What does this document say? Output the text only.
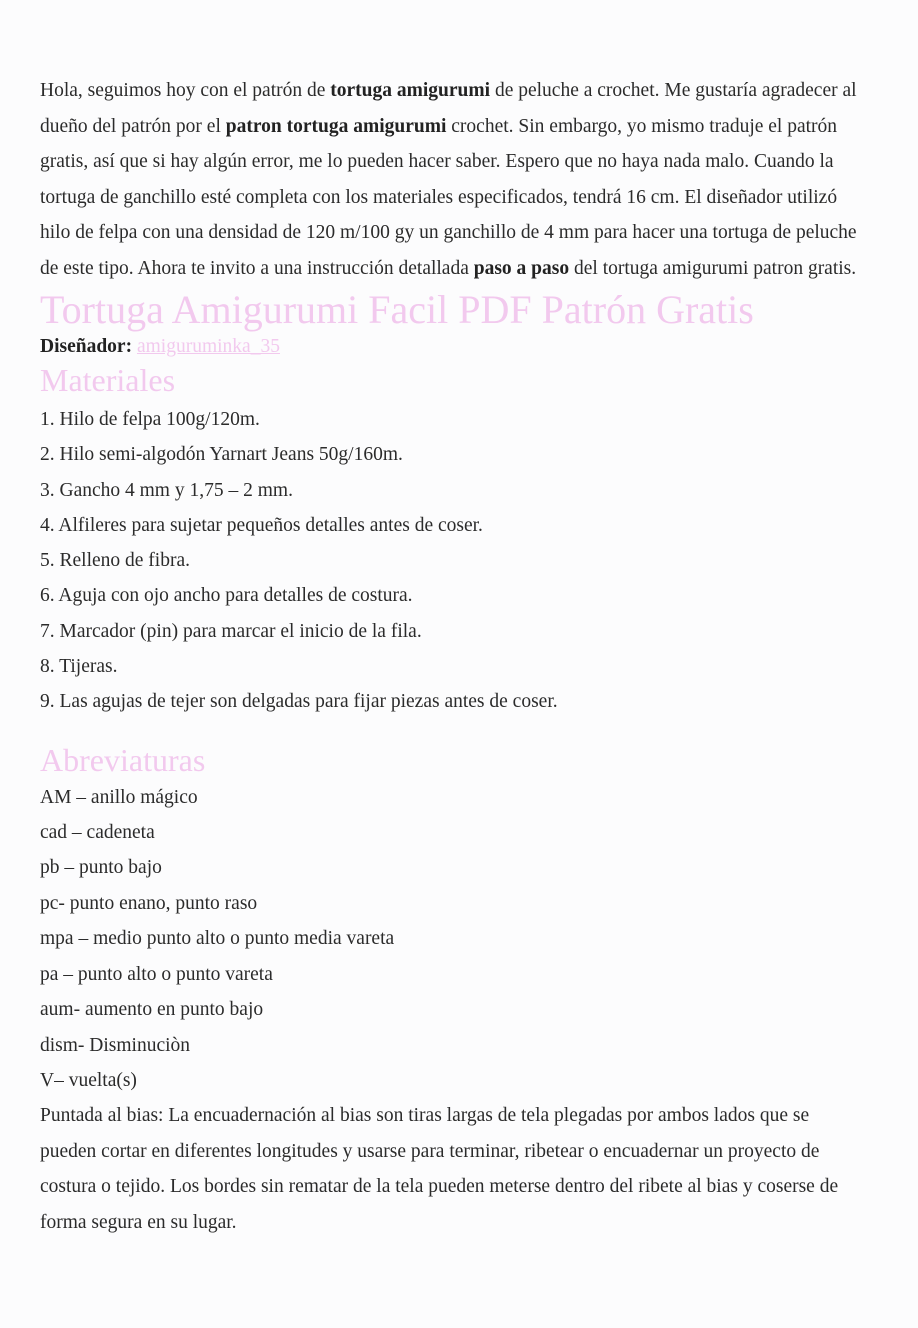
Hola, seguimos hoy con el patrón de tortuga amigurumi de peluche a crochet. Me gustaría agradecer al dueño del patrón por el patron tortuga amigurumi crochet. Sin embargo, yo mismo traduje el patrón gratis, así que si hay algún error, me lo pueden hacer saber. Espero que no haya nada malo. Cuando la tortuga de ganchillo esté completa con los materiales especificados, tendrá 16 cm. El diseñador utilizó hilo de felpa con una densidad de 120 m/100 gy un ganchillo de 4 mm para hacer una tortuga de peluche de este tipo. Ahora te invito a una instrucción detallada paso a paso del tortuga amigurumi patron gratis.

Tortuga Amigurumi Facil PDF Patrón Gratis

Diseñador: amiguruminka_35

Materiales
1. Hilo de felpa 100g/120m.
2. Hilo semi-algodón Yarnart Jeans 50g/160m.
3. Gancho 4 mm y 1,75 – 2 mm.
4. Alfileres para sujetar pequeños detalles antes de coser.
5. Relleno de fibra.
6. Aguja con ojo ancho para detalles de costura.
7. Marcador (pin) para marcar el inicio de la fila.
8. Tijeras.
9. Las agujas de tejer son delgadas para fijar piezas antes de coser.
Abreviaturas
AM – anillo mágico
cad – cadeneta
pb – punto bajo
pc- punto enano, punto raso
mpa – medio punto alto o punto media vareta
pa – punto alto o punto vareta
aum- aumento en punto bajo
dism- Disminuciòn
V– vuelta(s)

Puntada al bias: La encuadernación al bias son tiras largas de tela plegadas por ambos lados que se pueden cortar en diferentes longitudes y usarse para terminar, ribetear o encuadernar un proyecto de costura o tejido. Los bordes sin rematar de la tela pueden meterse dentro del ribete al bias y coserse de forma segura en su lugar.
